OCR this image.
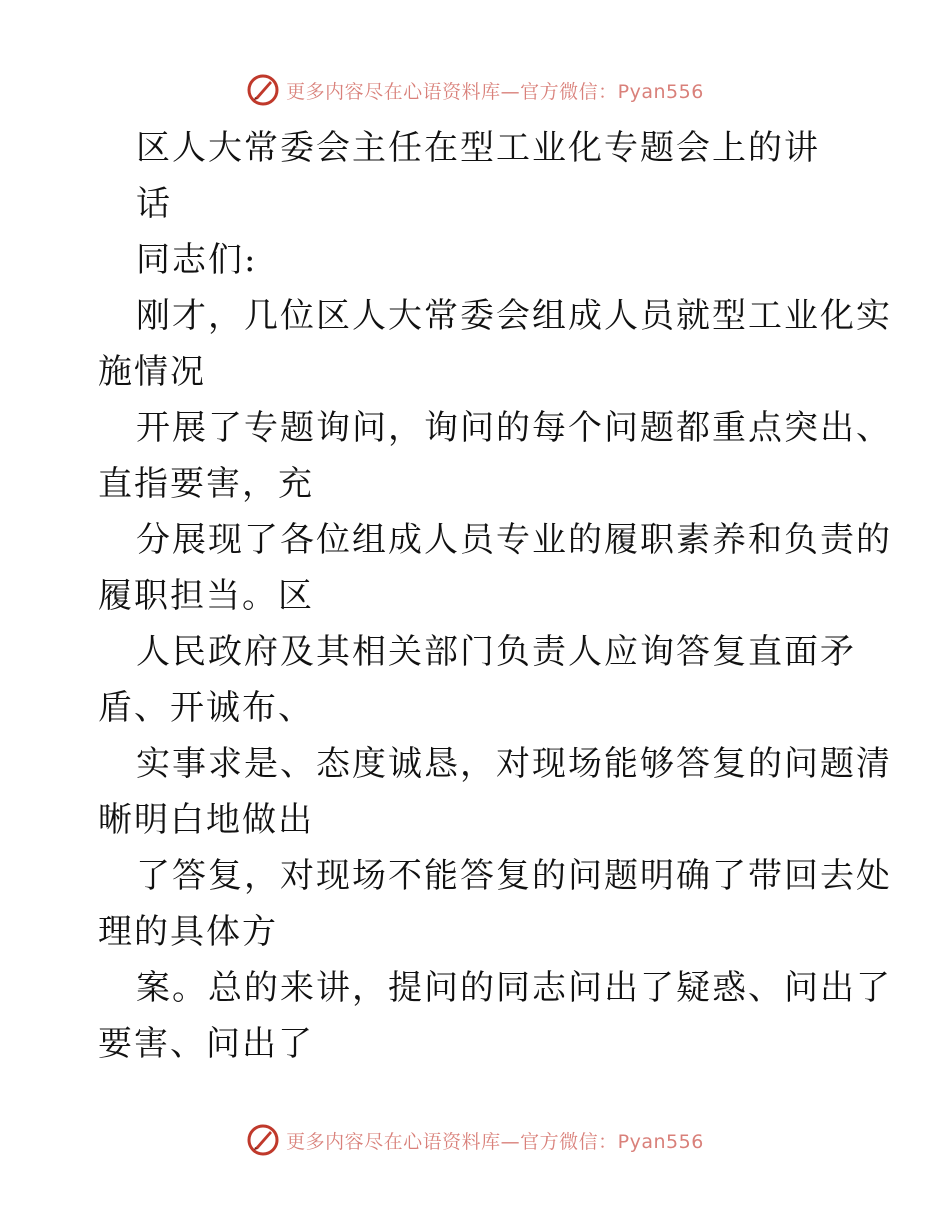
更多内容尽在心语资料库—官方微信：Pyan556
区人大常委会主任在型工业化专题会上的讲
话
同志们:
刚才，几位区人大常委会组成人员就型工业化实
施情况
开展了专题询问，询问的每个问题都重点突出、
直指要害，充
分展现了各位组成人员专业的履职素养和负责的
履职担当。区
人民政府及其相关部门负责人应询答复直面矛
盾、开诚布、
实事求是、态度诚恳，对现场能够答复的问题清
晰明白地做出
了答复，对现场不能答复的问题明确了带回去处
理的具体方
案。总的来讲，提问的同志问出了疑惑、问出了
要害、问出了
更多内容尽在心语资料库—官方微信：Pyan556
